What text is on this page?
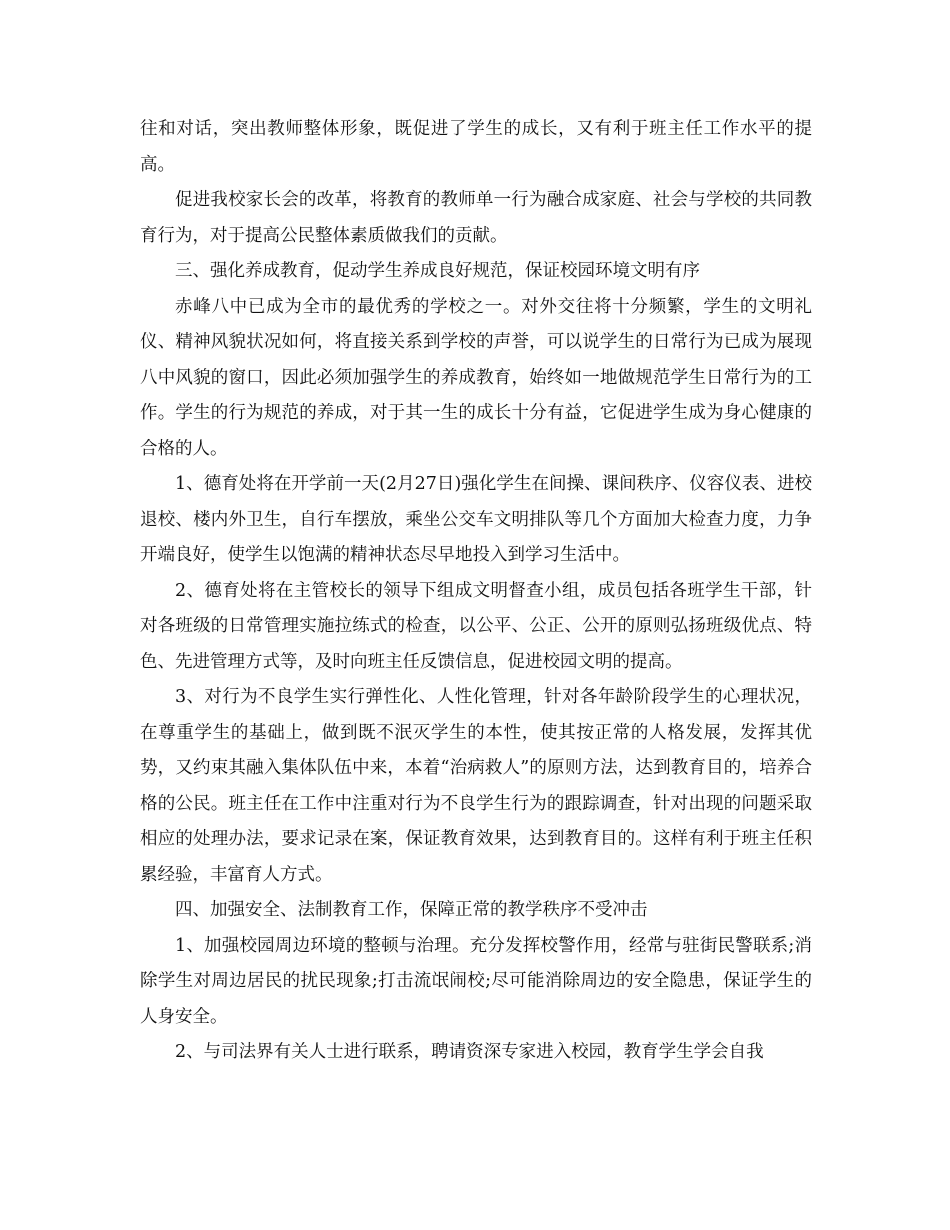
往和对话，突出教师整体形象，既促进了学生的成长，又有利于班主任工作水平的提高。

促进我校家长会的改革，将教育的教师单一行为融合成家庭、社会与学校的共同教育行为，对于提高公民整体素质做我们的贡献。

三、强化养成教育，促动学生养成良好规范，保证校园环境文明有序

赤峰八中已成为全市的最优秀的学校之一。对外交往将十分频繁，学生的文明礼仪、精神风貌状况如何，将直接关系到学校的声誉，可以说学生的日常行为已成为展现八中风貌的窗口，因此必须加强学生的养成教育，始终如一地做规范学生日常行为的工作。学生的行为规范的养成，对于其一生的成长十分有益，它促进学生成为身心健康的合格的人。

1、德育处将在开学前一天(2月27日)强化学生在间操、课间秩序、仪容仪表、进校退校、楼内外卫生，自行车摆放，乘坐公交车文明排队等几个方面加大检查力度，力争开端良好，使学生以饱满的精神状态尽早地投入到学习生活中。

2、德育处将在主管校长的领导下组成文明督查小组，成员包括各班学生干部，针对各班级的日常管理实施拉练式的检查，以公平、公正、公开的原则弘扬班级优点、特色、先进管理方式等，及时向班主任反馈信息，促进校园文明的提高。

3、对行为不良学生实行弹性化、人性化管理，针对各年龄阶段学生的心理状况，在尊重学生的基础上，做到既不泯灭学生的本性，使其按正常的人格发展，发挥其优势，又约束其融入集体队伍中来，本着“治病救人”的原则方法，达到教育目的，培养合格的公民。班主任在工作中注重对行为不良学生行为的跟踪调查，针对出现的问题采取相应的处理办法，要求记录在案，保证教育效果，达到教育目的。这样有利于班主任积累经验，丰富育人方式。

四、加强安全、法制教育工作，保障正常的教学秩序不受冲击

1、加强校园周边环境的整顿与治理。充分发挥校警作用，经常与驻街民警联系;消除学生对周边居民的扰民现象;打击流氓闹校;尽可能消除周边的安全隐患，保证学生的人身安全。

2、与司法界有关人士进行联系，聘请资深专家进入校园，教育学生学会自我
